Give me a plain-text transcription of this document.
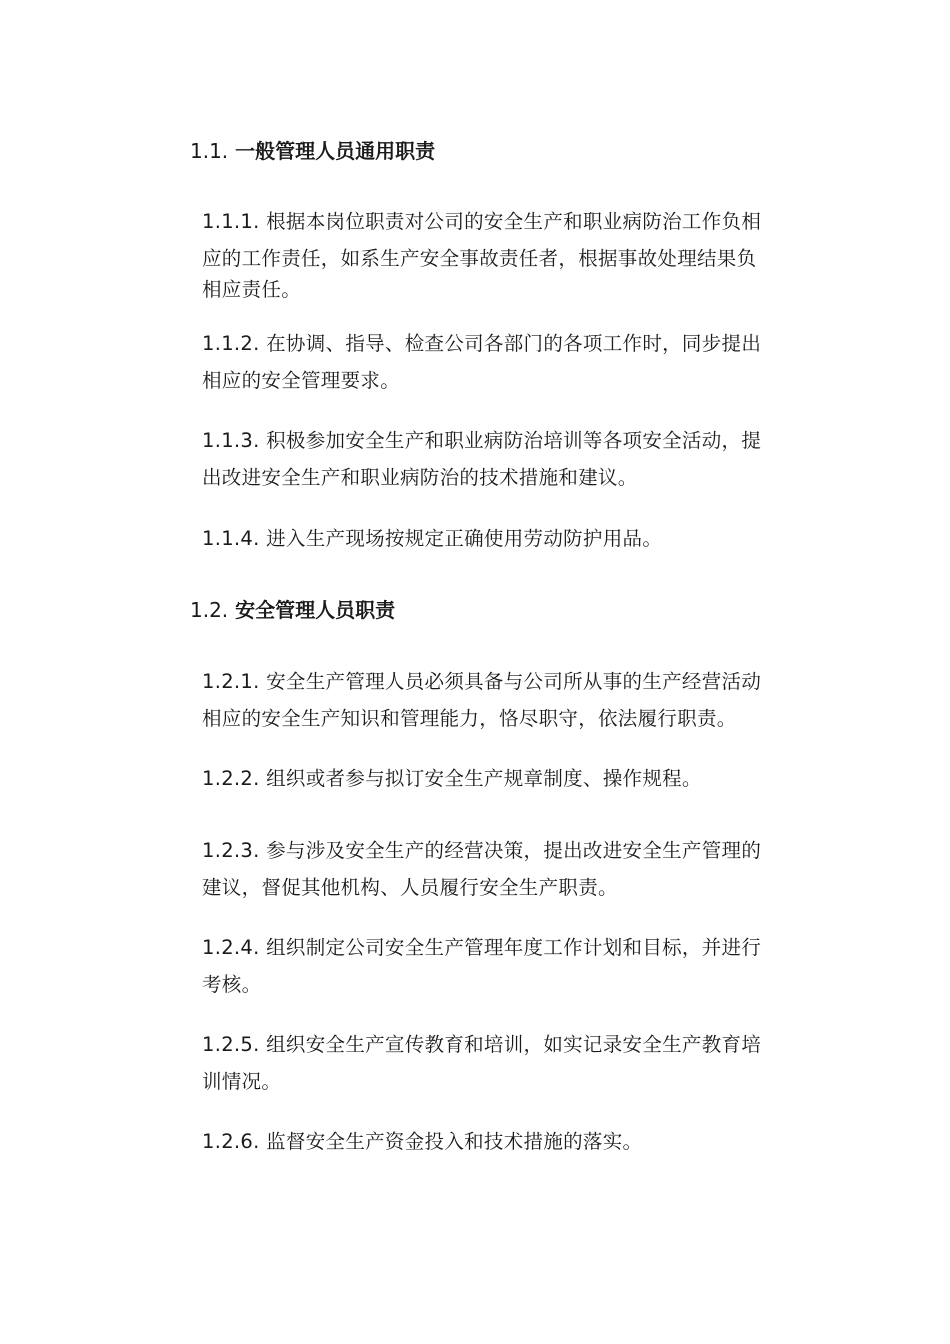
1.1. 一般管理人员通用职责
1.1.1. 根据本岗位职责对公司的安全生产和职业病防治工作负相
应的工作责任，如系生产安全事故责任者，根据事故处理结果负
相应责任。
1.1.2. 在协调、指导、检查公司各部门的各项工作时，同步提出
相应的安全管理要求。
1.1.3. 积极参加安全生产和职业病防治培训等各项安全活动，提
出改进安全生产和职业病防治的技术措施和建议。
1.1.4. 进入生产现场按规定正确使用劳动防护用品。
1.2. 安全管理人员职责
1.2.1. 安全生产管理人员必须具备与公司所从事的生产经营活动
相应的安全生产知识和管理能力，恪尽职守，依法履行职责。
1.2.2. 组织或者参与拟订安全生产规章制度、操作规程。
1.2.3. 参与涉及安全生产的经营决策，提出改进安全生产管理的
建议，督促其他机构、人员履行安全生产职责。
1.2.4. 组织制定公司安全生产管理年度工作计划和目标，并进行
考核。
1.2.5. 组织安全生产宣传教育和培训，如实记录安全生产教育培
训情况。
1.2.6. 监督安全生产资金投入和技术措施的落实。
